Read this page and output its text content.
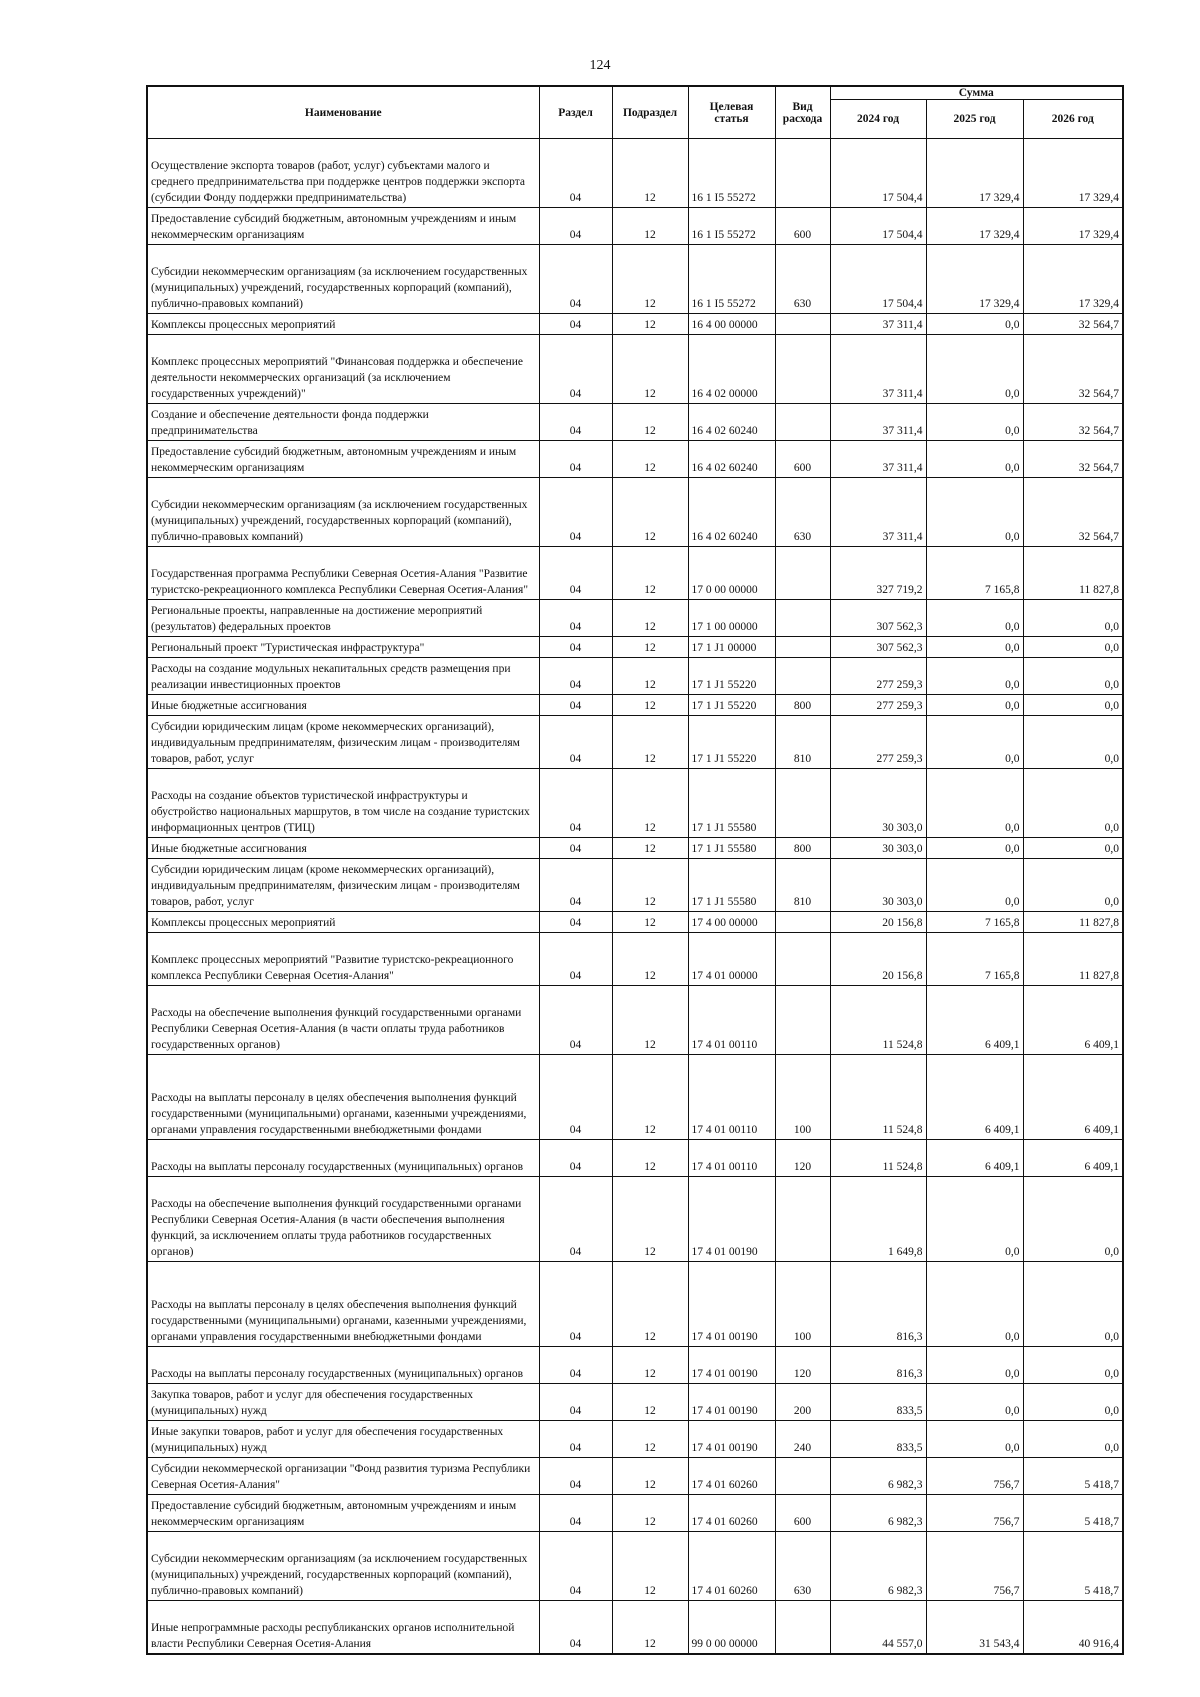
124
Наименование	Раздел	Подраздел	Целевая статья	Вид расхода	Сумма		
					2024 год	2025 год	2026 год
Осуществление экспорта товаров (работ, услуг) субъектами малого и среднего предпринимательства при поддержке центров поддержки экспорта (субсидии Фонду поддержки предпринимательства)	04	12	16 1 I5 55272		17 504,4	17 329,4	17 329,4
Предоставление субсидий бюджетным, автономным учреждениям и иным некоммерческим организациям	04	12	16 1 I5 55272	600	17 504,4	17 329,4	17 329,4
Субсидии некоммерческим организациям (за исключением государственных (муниципальных) учреждений, государственных корпораций (компаний), публично-правовых компаний)	04	12	16 1 I5 55272	630	17 504,4	17 329,4	17 329,4
Комплексы процессных мероприятий	04	12	16 4 00 00000		37 311,4	0,0	32 564,7
Комплекс процессных мероприятий "Финансовая поддержка и обеспечение деятельности некоммерческих организаций (за исключением государственных учреждений)"	04	12	16 4 02 00000		37 311,4	0,0	32 564,7
Создание и обеспечение деятельности фонда поддержки предпринимательства	04	12	16 4 02 60240		37 311,4	0,0	32 564,7
Предоставление субсидий бюджетным, автономным учреждениям и иным некоммерческим организациям	04	12	16 4 02 60240	600	37 311,4	0,0	32 564,7
Субсидии некоммерческим организациям (за исключением государственных (муниципальных) учреждений, государственных корпораций (компаний), публично-правовых компаний)	04	12	16 4 02 60240	630	37 311,4	0,0	32 564,7
Государственная программа Республики Северная Осетия-Алания "Развитие туристско-рекреационного комплекса Республики Северная Осетия-Алания"	04	12	17 0 00 00000		327 719,2	7 165,8	11 827,8
Региональные проекты, направленные на достижение мероприятий (результатов) федеральных проектов	04	12	17 1 00 00000		307 562,3	0,0	0,0
Региональный проект "Туристическая инфраструктура"	04	12	17 1 J1 00000		307 562,3	0,0	0,0
Расходы на создание модульных некапитальных средств размещения при реализации инвестиционных проектов	04	12	17 1 J1 55220		277 259,3	0,0	0,0
Иные бюджетные ассигнования	04	12	17 1 J1 55220	800	277 259,3	0,0	0,0
Субсидии юридическим лицам (кроме некоммерческих организаций), индивидуальным предпринимателям, физическим лицам - производителям товаров, работ, услуг	04	12	17 1 J1 55220	810	277 259,3	0,0	0,0
Расходы на создание объектов туристической инфраструктуры и обустройство национальных маршрутов, в том числе на создание туристских информационных центров (ТИЦ)	04	12	17 1 J1 55580		30 303,0	0,0	0,0
Иные бюджетные ассигнования	04	12	17 1 J1 55580	800	30 303,0	0,0	0,0
Субсидии юридическим лицам (кроме некоммерческих организаций), индивидуальным предпринимателям, физическим лицам - производителям товаров, работ, услуг	04	12	17 1 J1 55580	810	30 303,0	0,0	0,0
Комплексы процессных мероприятий	04	12	17 4 00 00000		20 156,8	7 165,8	11 827,8
Комплекс процессных мероприятий "Развитие туристско-рекреационного комплекса Республики Северная Осетия-Алания"	04	12	17 4 01 00000		20 156,8	7 165,8	11 827,8
Расходы на обеспечение выполнения функций государственными органами Республики Северная Осетия-Алания (в части оплаты труда работников государственных органов)	04	12	17 4 01 00110		11 524,8	6 409,1	6 409,1
Расходы на выплаты персоналу в целях обеспечения выполнения функций государственными (муниципальными) органами, казенными учреждениями, органами управления государственными внебюджетными фондами	04	12	17 4 01 00110	100	11 524,8	6 409,1	6 409,1
Расходы на выплаты персоналу государственных (муниципальных) органов	04	12	17 4 01 00110	120	11 524,8	6 409,1	6 409,1
Расходы на обеспечение выполнения функций государственными органами Республики Северная Осетия-Алания (в части обеспечения выполнения функций, за исключением оплаты труда работников государственных органов)	04	12	17 4 01 00190		1 649,8	0,0	0,0
Расходы на выплаты персоналу в целях обеспечения выполнения функций государственными (муниципальными) органами, казенными учреждениями, органами управления государственными внебюджетными фондами	04	12	17 4 01 00190	100	816,3	0,0	0,0
Расходы на выплаты персоналу государственных (муниципальных) органов	04	12	17 4 01 00190	120	816,3	0,0	0,0
Закупка товаров, работ и услуг для обеспечения государственных (муниципальных) нужд	04	12	17 4 01 00190	200	833,5	0,0	0,0
Иные закупки товаров, работ и услуг для обеспечения государственных (муниципальных) нужд	04	12	17 4 01 00190	240	833,5	0,0	0,0
Субсидии некоммерческой организации "Фонд развития туризма Республики Северная Осетия-Алания"	04	12	17 4 01 60260		6 982,3	756,7	5 418,7
Предоставление субсидий бюджетным, автономным учреждениям и иным некоммерческим организациям	04	12	17 4 01 60260	600	6 982,3	756,7	5 418,7
Субсидии некоммерческим организациям (за исключением государственных (муниципальных) учреждений, государственных корпораций (компаний), публично-правовых компаний)	04	12	17 4 01 60260	630	6 982,3	756,7	5 418,7
Иные непрограммные расходы республиканских органов исполнительной власти Республики Северная Осетия-Алания	04	12	99 0 00 00000		44 557,0	31 543,4	40 916,4
